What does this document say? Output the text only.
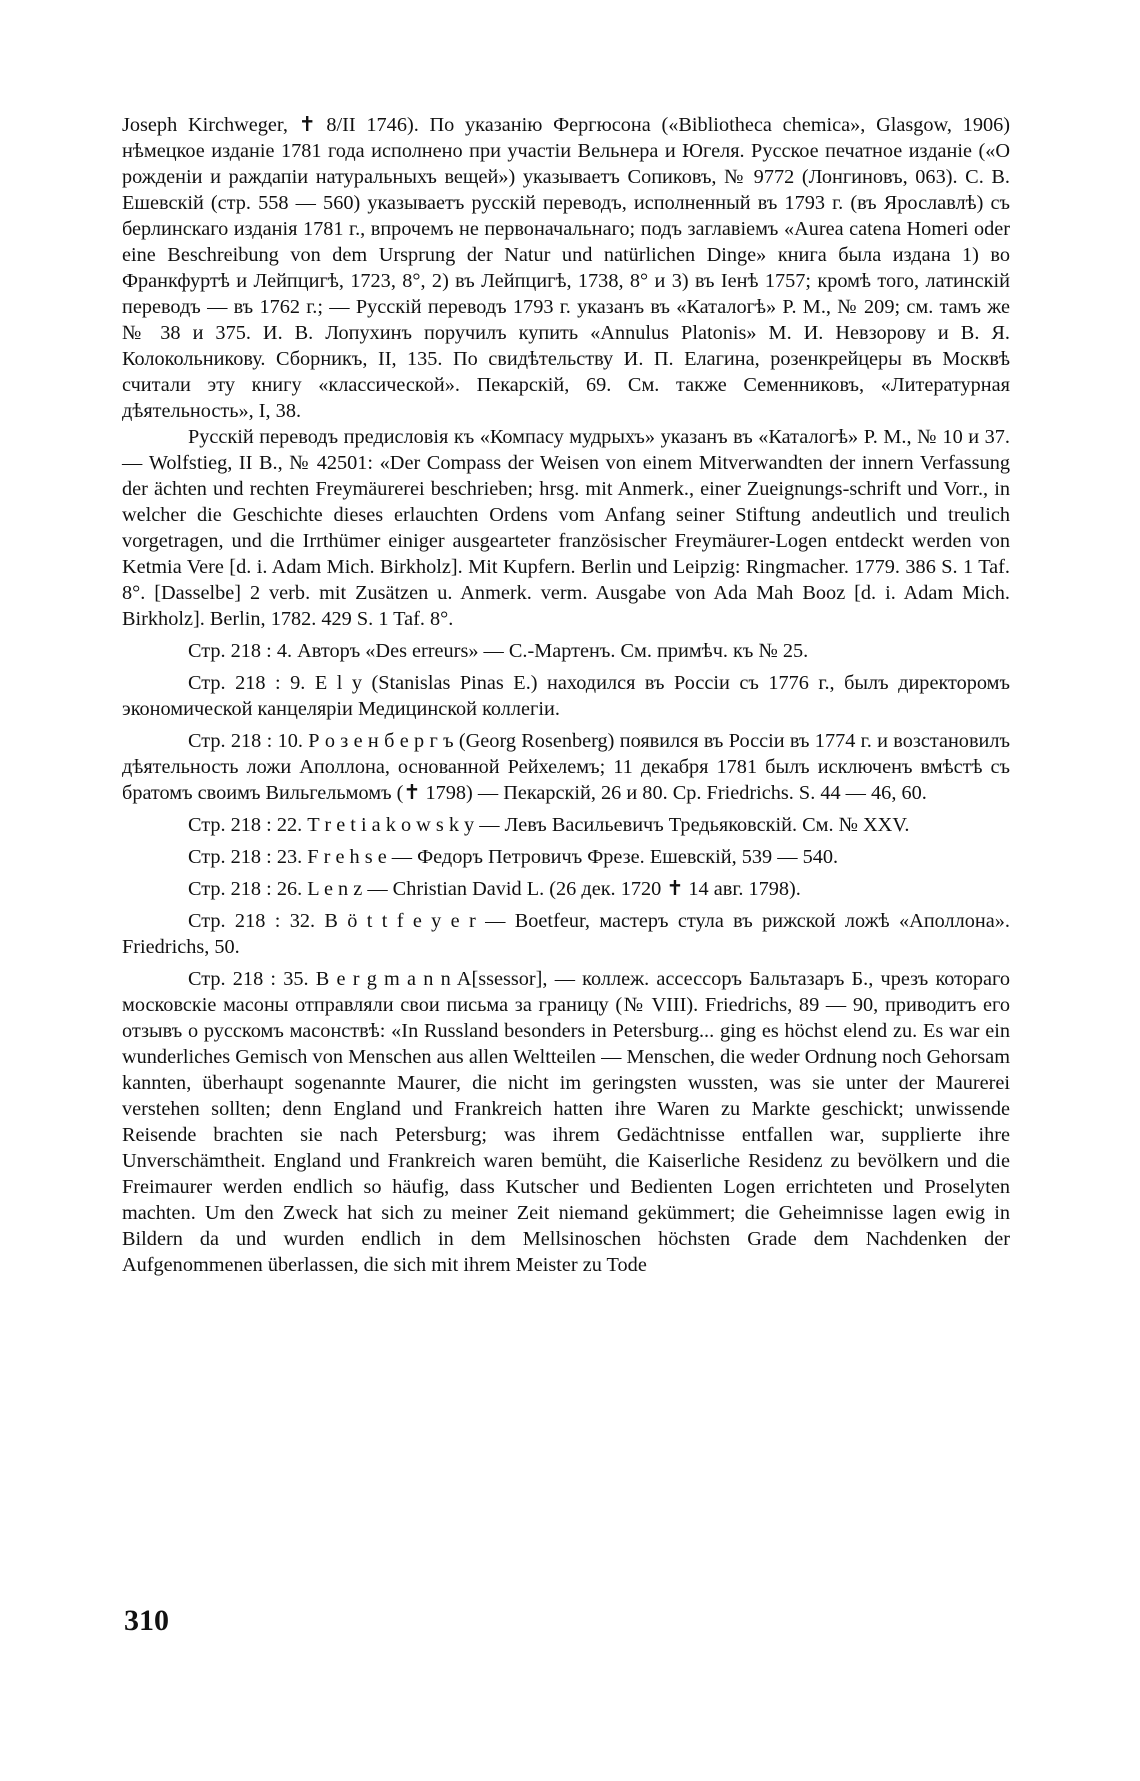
Joseph Kirchweger, ✝ 8/II 1746). По указанію Фергюсона («Bibliotheca chemica», Glasgow, 1906) нѣмецкое изданіе 1781 года исполнено при участіи Вельнера и Югеля. Русское печатное изданіе («О рожденіи и раждапіи натуральныхъ вещей») указываетъ Сопиковъ, № 9772 (Лонгиновъ, 063). С. В. Ешевскій (стр. 558 — 560) указываетъ русскій переводъ, исполненный въ 1793 г. (въ Ярославлѣ) съ берлинскаго изданія 1781 г., впрочемъ не первоначальнаго; подъ заглавіемъ «Aurea catena Homeri oder eine Beschreibung von dem Ursprung der Natur und natürlichen Dinge» книга была издана 1) во Франкфуртѣ и Лейпцигѣ, 1723, 8°, 2) въ Лейпцигѣ, 1738, 8° и 3) въ Іенѣ 1757; кромѣ того, латинскій переводъ — въ 1762 г.; — Русскій переводъ 1793 г. указанъ въ «Каталогѣ» P. M., № 209; см. тамъ же № 38 и 375. И. В. Лопухинъ поручилъ купить «Annulus Platonis» М. И. Невзорову и В. Я. Колокольникову. Сборникъ, II, 135. По свидѣтельству И. П. Елагина, розенкрейцеры въ Москвѣ считали эту книгу «классической». Пекарскій, 69. См. также Семенниковъ, «Литературная дѣятельность», I, 38.

Русскій переводъ предисловія къ «Компасу мудрыхъ» указанъ въ «Каталогѣ» P. M., № 10 и 37. — Wolfstieg, II В., № 42501: «Der Compass der Weisen von einem Mitverwandten der innern Verfassung der ächten und rechten Freymäurerei beschrieben; hrsg. mit Anmerk., einer Zueignungs-schrift und Vorr., in welcher die Geschichte dieses erlauchten Ordens vom Anfang seiner Stiftung andeutlich und treulich vorgetragen, und die Irrthümer einiger ausgearteter französischer Freymäurer-Logen entdeckt werden von Ketmia Vere [d. i. Adam Mich. Birkholz]. Mit Kupfern. Berlin und Leipzig: Ringmacher. 1779. 386 S. 1 Taf. 8°. [Dasselbe] 2 verb. mit Zusätzen u. Anmerk. verm. Ausgabe von Ada Mah Booz [d. i. Adam Mich. Birkholz]. Berlin, 1782. 429 S. 1 Taf. 8°.

Стр. 218 : 4. Авторъ «Des erreurs» — С.-Мартенъ. См. примѣч. къ № 25.

Стр. 218 : 9. E l y (Stanislas Pinas E.) находился въ Россіи съ 1776 г., былъ директоромъ экономической канцеляріи Медицинской коллегіи.

Стр. 218 : 10. Р о з е н б е р г ъ (Georg Rosenberg) появился въ Россіи въ 1774 г. и возстановилъ дѣятельность ложи Аполлона, основанной Рейхелемъ; 11 декабря 1781 былъ исключенъ вмѣстѣ съ братомъ своимъ Вильгельмомъ (✝ 1798) — Пекарскій, 26 и 80. Ср. Friedrichs. S. 44 — 46, 60.

Стр. 218 : 22. T r e t i a k o w s k y — Левъ Васильевичъ Тредьяковскій. См. № XXV.

Стр. 218 : 23. F r e h s e — Федоръ Петровичъ Фрезе. Ешевскій, 539 — 540.

Стр. 218 : 26. L e n z — Christian David L. (26 дек. 1720 ✝ 14 авг. 1798).

Стр. 218 : 32. B ö t t f e y e r — Boetfeur, мастеръ стула въ рижской ложѣ «Аполлона». Friedrichs, 50.

Стр. 218 : 35. B e r g m a n n A[ssessor], — коллеж. ассессоръ Бальтазаръ Б., чрезъ котораго московскіе масоны отправляли свои письма за границу (№ VIII). Friedrichs, 89 — 90, приводитъ его отзывъ о русскомъ масонствѣ: «In Russland besonders in Petersburg... ging es höchst elend zu. Es war ein wunderliches Gemisch von Menschen aus allen Weltteilen — Menschen, die weder Ordnung noch Gehorsam kannten, überhaupt sogenannte Maurer, die nicht im geringsten wussten, was sie unter der Maurerei verstehen sollten; denn England und Frankreich hatten ihre Waren zu Markte geschickt; unwissende Reisende brachten sie nach Petersburg; was ihrem Gedächtnisse entfallen war, supplierte ihre Unverschämtheit. England und Frankreich waren bemüht, die Kaiserliche Residenz zu bevölkern und die Freimaurer werden endlich so häufig, dass Kutscher und Bedienten Logen errichteten und Proselyten machten. Um den Zweck hat sich zu meiner Zeit niemand gekümmert; die Geheimnisse lagen ewig in Bildern da und wurden endlich in dem Mellsinoschen höchsten Grade dem Nachdenken der Aufgenommenen überlassen, die sich mit ihrem Meister zu Tode

310
